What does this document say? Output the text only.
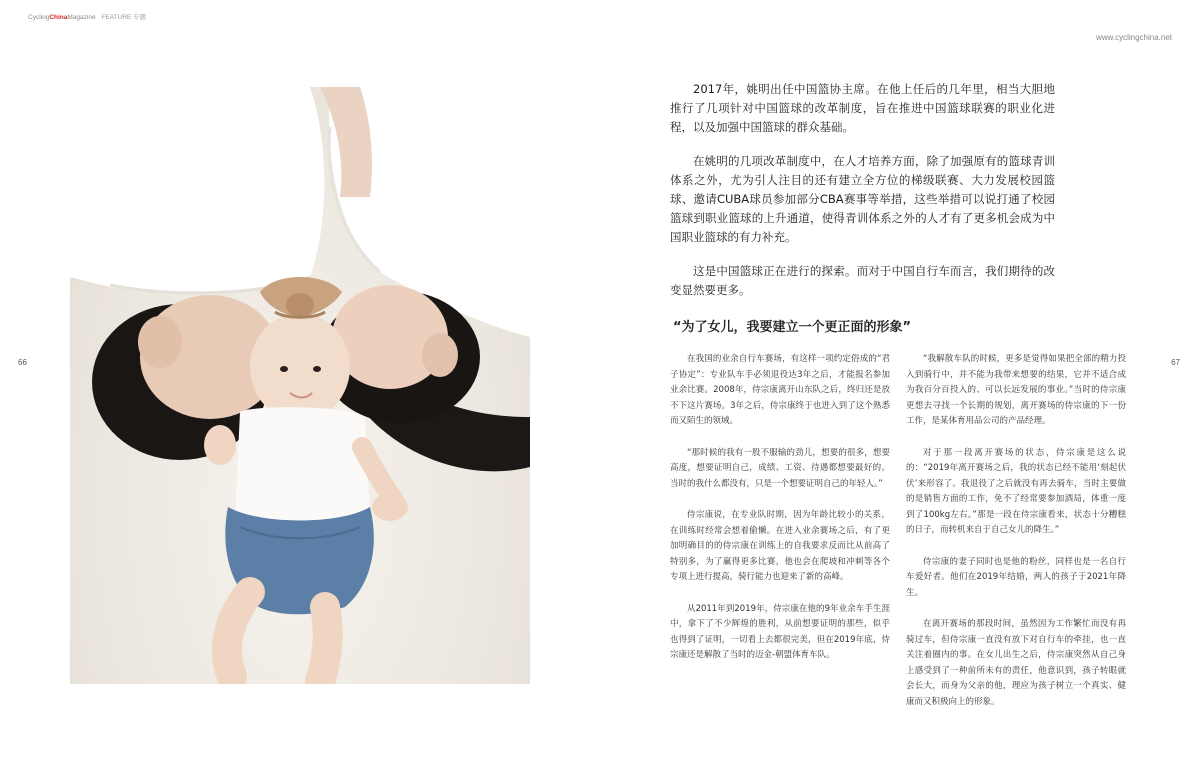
CyclingChinaMagazine FEATURE 专题
www.cyclingchina.net
66	67

2017年，姚明出任中国篮协主席。在他上任后的几年里，相当大胆地推行了几项针对中国篮球的改革制度，旨在推进中国篮球联赛的职业化进程，以及加强中国篮球的群众基础。

在姚明的几项改革制度中，在人才培养方面，除了加强原有的篮球青训体系之外，尤为引人注目的还有建立全方位的梯级联赛、大力发展校园篮球、邀请CUBA球员参加部分CBA赛事等举措，这些举措可以说打通了校园篮球到职业篮球的上升通道，使得青训体系之外的人才有了更多机会成为中国职业篮球的有力补充。

这是中国篮球正在进行的探索。而对于中国自行车而言，我们期待的改变显然要更多。

“为了女儿，我要建立一个更正面的形象”

在我国的业余自行车赛场，有这样一项约定俗成的“君子协定”：专业队车手必须退役达3年之后，才能报名参加业余比赛。2008年，侍宗康离开山东队之后，终归还是放不下这片赛场。3年之后，侍宗康终于也进入到了这个熟悉而又陌生的领域。

“那时候的我有一股不服输的劲儿，想要的很多，想要高度，想要证明自己，成绩、工资、待遇都想要最好的。当时的我什么都没有，只是一个想要证明自己的年轻人。”

侍宗康说，在专业队时期，因为年龄比较小的关系，在训练时经常会想着偷懒。在进入业余赛场之后，有了更加明确目的的侍宗康在训练上的自我要求反而比从前高了特别多，为了赢得更多比赛，他也会在爬坡和冲刺等各个专项上进行提高，骑行能力也迎来了新的高峰。

从2011年到2019年，侍宗康在他的9年业余车手生涯中，拿下了不少辉煌的胜利，从前想要证明的那些，似乎也得到了证明，一切看上去都很完美，但在2019年底，侍宗康还是解散了当时的迈金-朝盟体育车队。

“我解散车队的时候，更多是觉得如果把全部的精力投入到骑行中，并不能为我带来想要的结果，它并不适合成为我百分百投入的、可以长远发展的事业。”当时的侍宗康更想去寻找一个长期的规划，离开赛场的侍宗康的下一份工作，是某体育用品公司的产品经理。

对于那一段离开赛场的状态，侍宗康是这么说的：“2019年离开赛场之后，我的状态已经不能用‘刻起伏伏’来形容了。我退役了之后就没有再去骑车，当时主要做的是销售方面的工作，免不了经常要参加酒局，体重一度到了100kg左右。”那是一段在侍宗康看来，状态十分糟糕的日子，而转机来自于自己女儿的降生。”

侍宗康的妻子同时也是他的粉丝，同样也是一名自行车爱好者。他们在2019年结婚，两人的孩子于2021年降生。

在离开赛场的那段时间，虽然因为工作繁忙而没有再骑过车，但侍宗康一直没有放下对自行车的牵挂，也一直关注着圈内的事。在女儿出生之后，侍宗康突然从自己身上感受到了一种前所未有的责任，他意识到，孩子转眼就会长大，而身为父亲的他，理应为孩子树立一个真实、健康而又积极向上的形象。
